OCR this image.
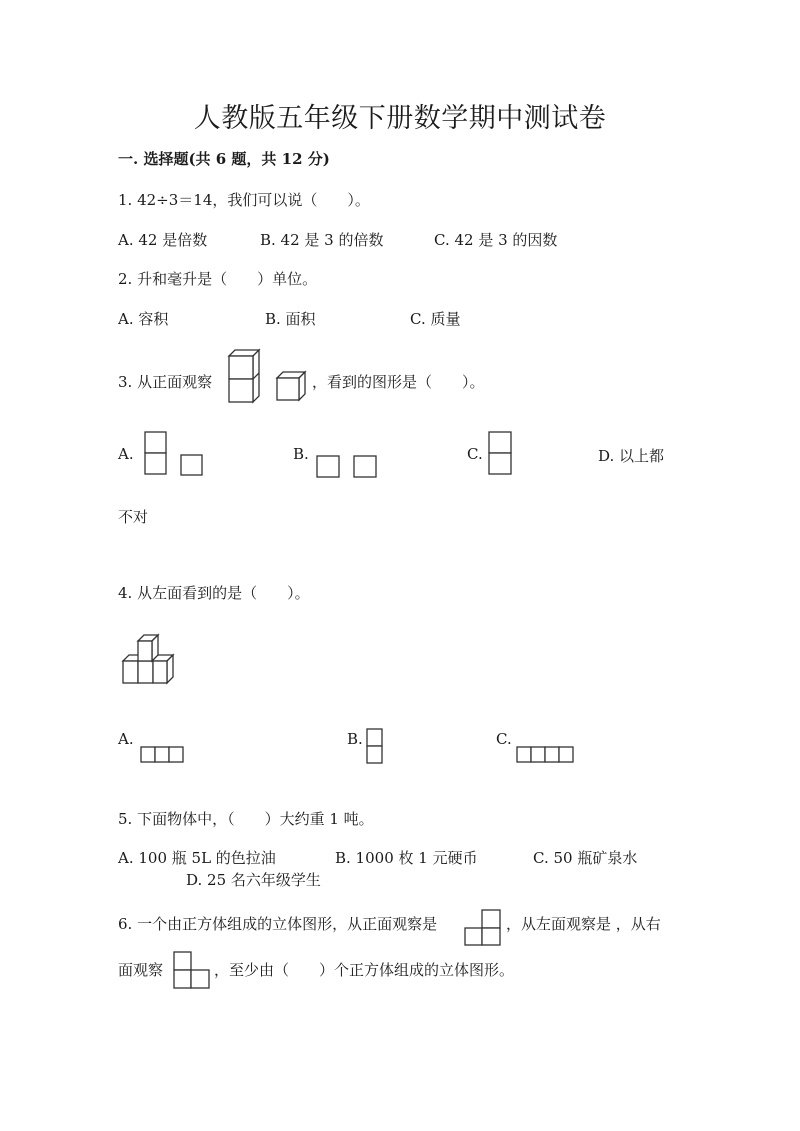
人教版五年级下册数学期中测试卷
一. 选择题(共 6 题，共 12 分)
1. 42÷3＝14，我们可以说（　　）。
A. 42 是倍数	B. 42 是 3 的倍数	C. 42 是 3 的因数
2. 升和毫升是（　　）单位。
A. 容积	B. 面积	C. 质量
3. 从正面观察	，看到的图形是（　　）。
A.	B.	C.	D. 以上都
不对
4. 从左面看到的是（　　）。
A.	B.	C.
5. 下面物体中，（　　）大约重 1 吨。
A. 100 瓶 5L 的色拉油	B. 1000 枚 1 元硬币	C. 50 瓶矿泉水
D. 25 名六年级学生
6. 一个由正方体组成的立体图形，从正面观察是	，从左面观察是 ，从右
面观察	，至少由（　　）个正方体组成的立体图形。
